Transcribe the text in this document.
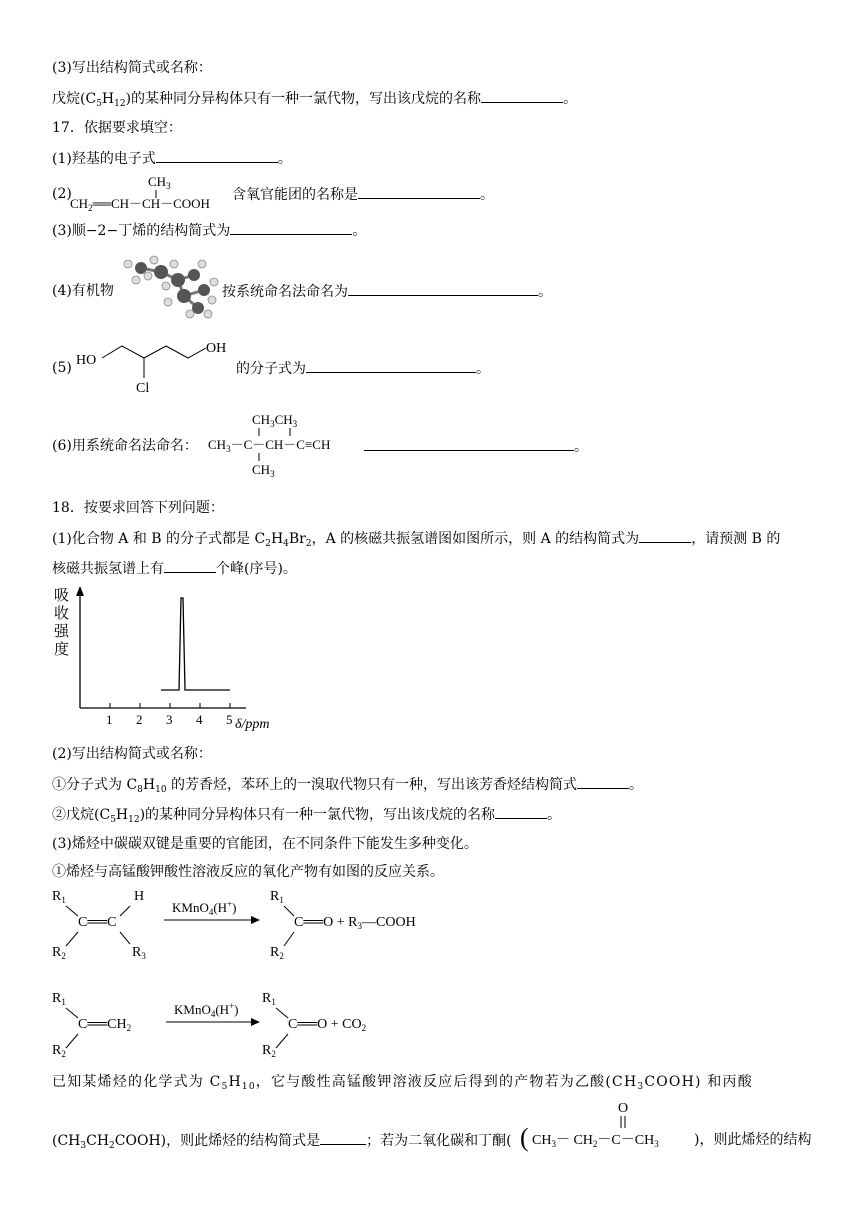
(3)写出结构简式或名称：
戊烷$(C_5H_{12})$的某种同分异构体只有一种一氯代物，写出该戊烷的名称	。
17．依据要求填空：
(1)羟基的电子式	。
(2)
$CH_3$
$CH_2══CH-CH-COOH$
含氧官能团的名称是	。
(3)顺−2−丁烯的结构简式为	。
(4)有机物	按系统命名法命名为	。
(5) HO
OH
Cl
的分子式为	。
(6)用系统命名法命名：
$CH_3CH_3$
$CH_3-C-CH-C\equiv CH$
$CH_3$
。
18．按要求回答下列问题：
(1)化合物 A 和 B 的分子式都是 $C_2H_4Br_2$，A 的核磁共振氢谱图如图所示，则 A 的结构简式为	，请预测 B 的
核磁共振氢谱上有	个峰(序号)。
吸
收
强
度
1 2 3 4 5 δ/ppm
(2)写出结构简式或名称：
①分子式为 $C_8H_{10}$ 的芳香烃，苯环上的一溴取代物只有一种，写出该芳香烃结构简式	。
②戊烷$(C_5H_{12})$的某种同分异构体只有一种一氯代物，写出该戊烷的名称	。
(3)烯烃中碳碳双键是重要的官能团，在不同条件下能发生多种变化。
①烯烃与高锰酸钾酸性溶液反应的氧化产物有如图的反应关系。
$R_1$
C══C
$R_2$
H
$R_3$
KMnO$_4$(H+)
$R_1$
C══O + $R_3—COOH$
$R_2$
$R_1$
$C══CH_2$
$R_2$
KMnO$_4$(H+)
$R_1$
C══O + $CO_2$
$R_2$
已知某烯烃的化学式为 $C_5H_{10}$，它与酸性高锰酸钾溶液反应后得到的产物若为乙酸$(CH_3COOH)$ 和丙酸
$(CH_3CH_2COOH)$，则此烯烃的结构简式是	；若为二氧化碳和丁酮(
O
( $CH_3- CH_2-C-CH_3$	)，则此烯烃的结构
